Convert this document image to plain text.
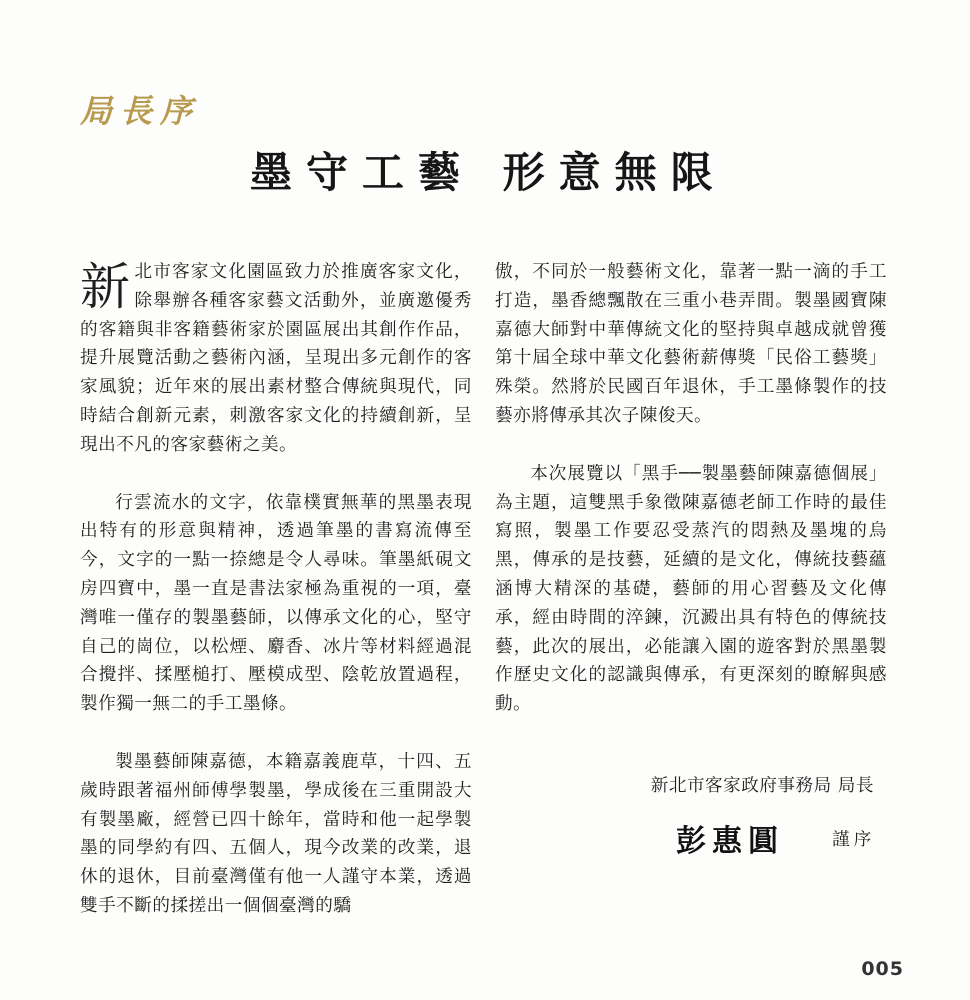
局長序
墨守工藝 形意無限

新 北市客家文化園區致力於推廣客家文化，除舉辦各種客家藝文活動外，並廣邀優秀的客籍與非客籍藝術家於園區展出其創作作品，提升展覽活動之藝術內涵，呈現出多元創作的客家風貌；近年來的展出素材整合傳統與現代，同時結合創新元素，刺激客家文化的持續創新，呈現出不凡的客家藝術之美。

行雲流水的文字，依靠樸實無華的黑墨表現出特有的形意與精神，透過筆墨的書寫流傳至今，文字的一點一捺總是令人尋味。筆墨紙硯文房四寶中，墨一直是書法家極為重視的一項，臺灣唯一僅存的製墨藝師，以傳承文化的心，堅守自己的崗位，以松煙、麝香、冰片等材料經過混合攪拌、揉壓槌打、壓模成型、陰乾放置過程，製作獨一無二的手工墨條。

製墨藝師陳嘉德，本籍嘉義鹿草，十四、五歲時跟著福州師傅學製墨，學成後在三重開設大有製墨廠，經營已四十餘年，當時和他一起學製墨的同學約有四、五個人，現今改業的改業，退休的退休，目前臺灣僅有他一人謹守本業，透過雙手不斷的揉搓出一個個臺灣的驕

傲，不同於一般藝術文化，靠著一點一滴的手工打造，墨香總飄散在三重小巷弄間。製墨國寶陳嘉德大師對中華傳統文化的堅持與卓越成就曾獲第十屆全球中華文化藝術薪傳獎「民俗工藝獎」殊榮。然將於民國百年退休，手工墨條製作的技藝亦將傳承其次子陳俊天。

本次展覽以「黑手──製墨藝師陳嘉德個展」為主題，這雙黑手象徵陳嘉德老師工作時的最佳寫照，製墨工作要忍受蒸汽的悶熱及墨塊的烏黑，傳承的是技藝，延續的是文化，傳統技藝蘊涵博大精深的基礎，藝師的用心習藝及文化傳承，經由時間的淬鍊，沉澱出具有特色的傳統技藝，此次的展出，必能讓入園的遊客對於黑墨製作歷史文化的認識與傳承，有更深刻的瞭解與感動。

新北市客家政府事務局 局長
彭惠圓	謹序
005
